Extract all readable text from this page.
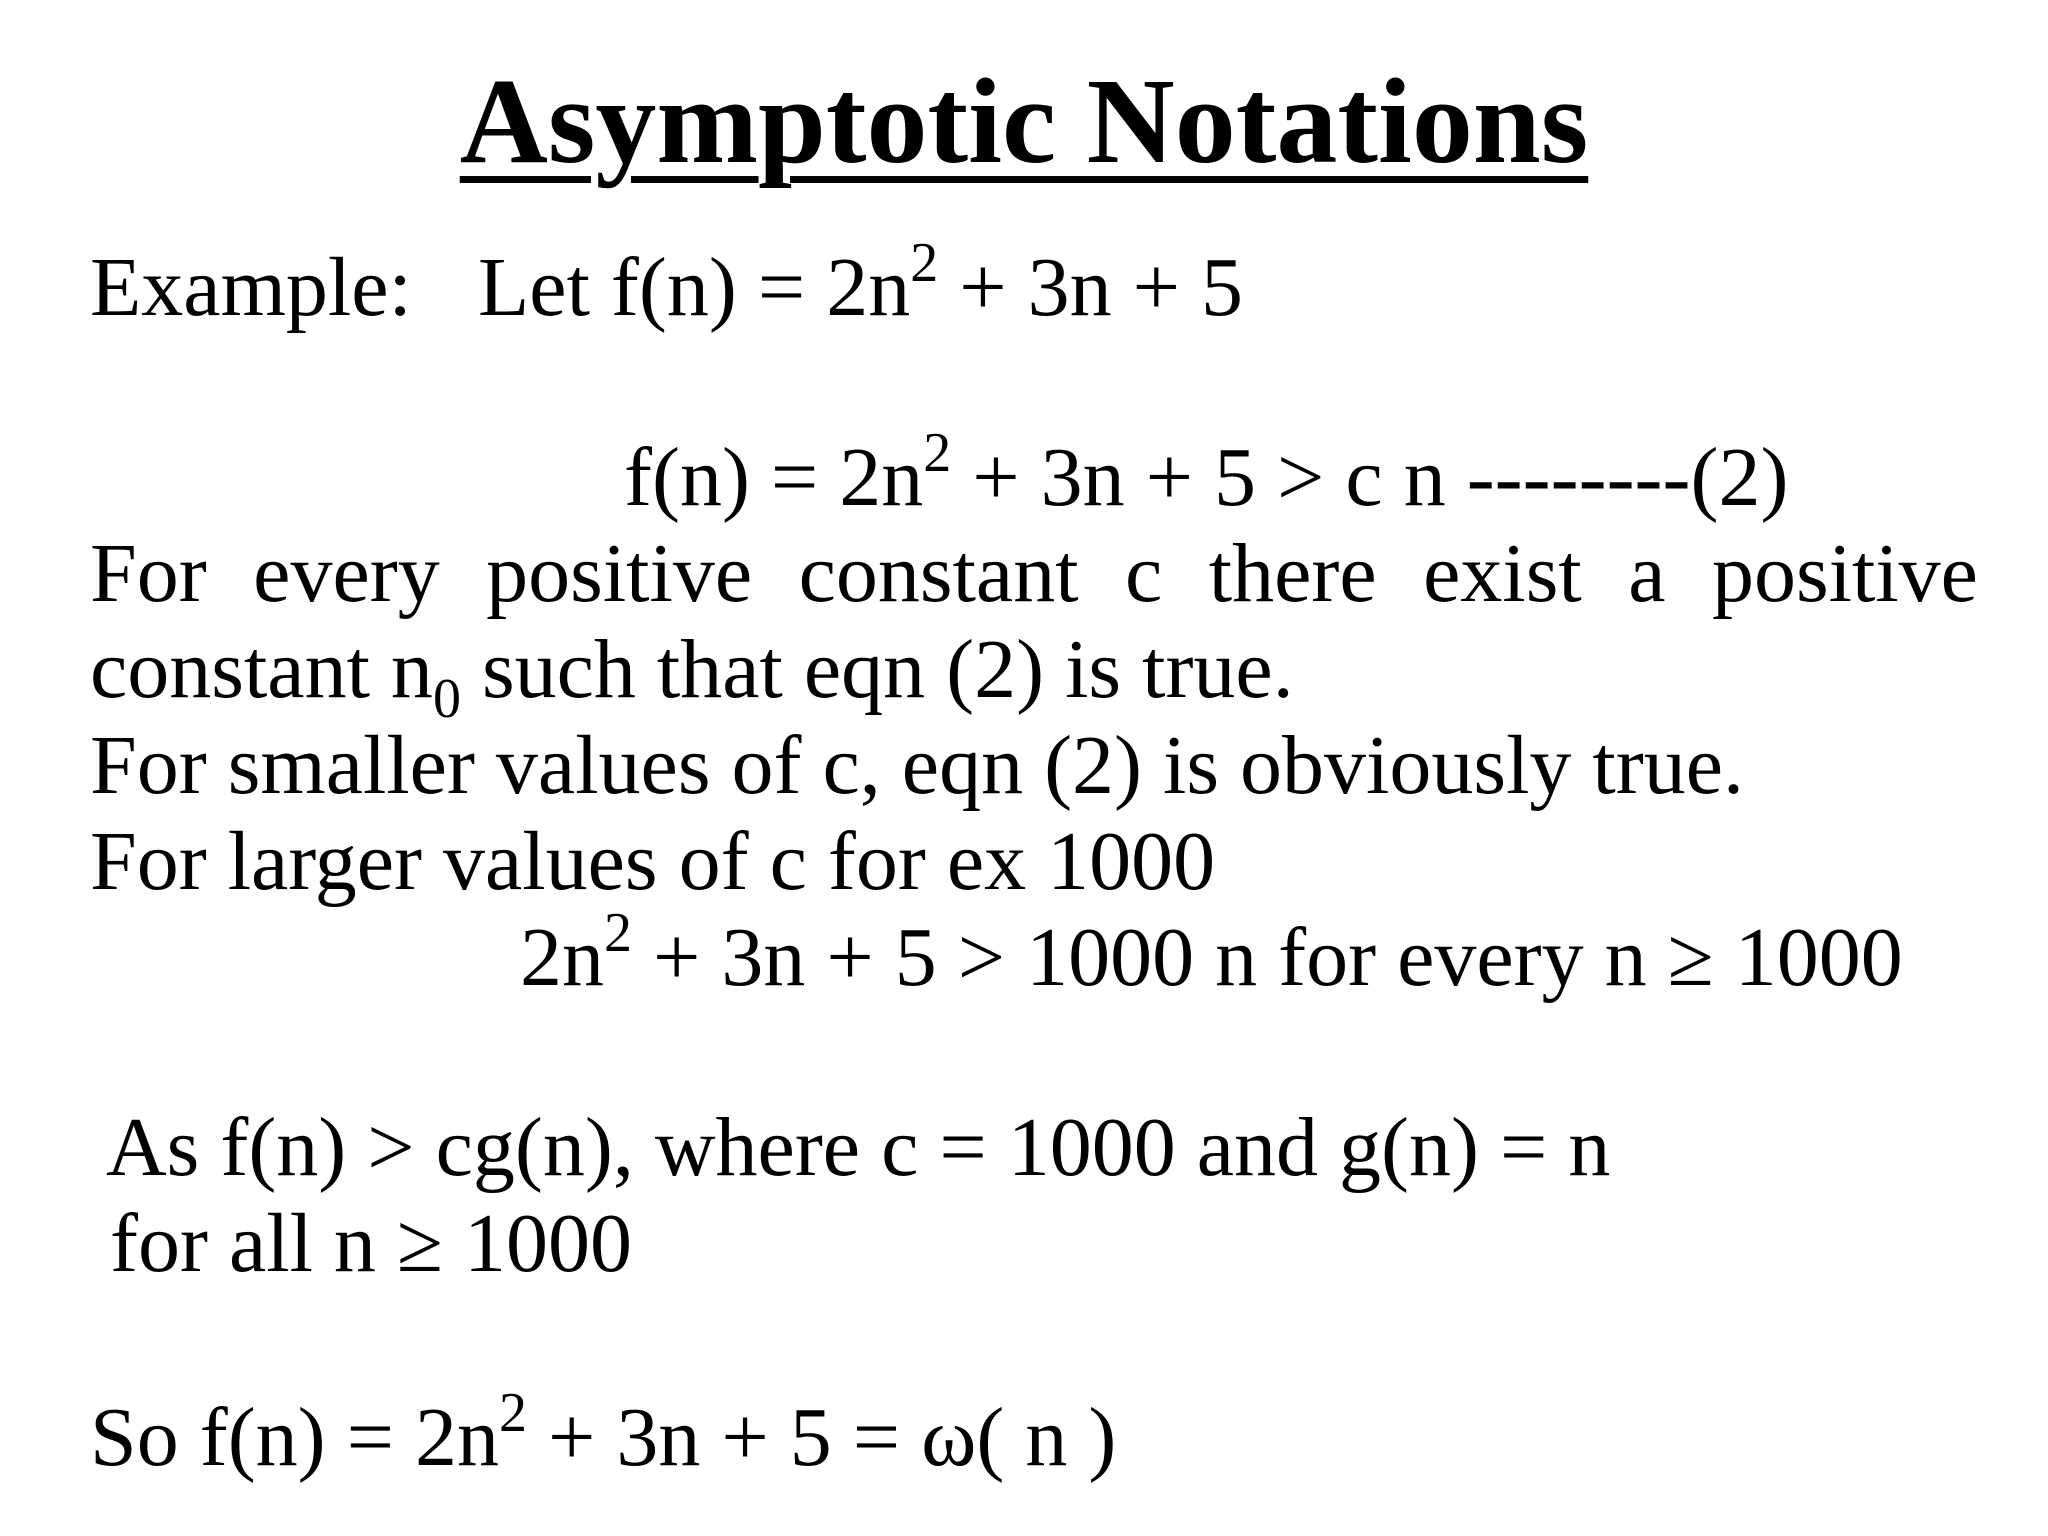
Asymptotic Notations
Example: Let $f(n) = 2n^2 + 3n + 5$
$f(n) = 2n^2 + 3n + 5 > c$ n --------(2)
For every positive constant c there exist a positive
constant $n_0$ such that eqn (2) is true.
For smaller values of c, eqn (2) is obviously true.
For larger values of c for ex 1000
$2n^2 + 3n + 5 > 1000$ n for every n ≥ 1000
As f(n) > cg(n), where c = 1000 and g(n) = n
for all n ≥ 1000
So $f(n) = 2n^2 + 3n + 5 = \omega$( n )
